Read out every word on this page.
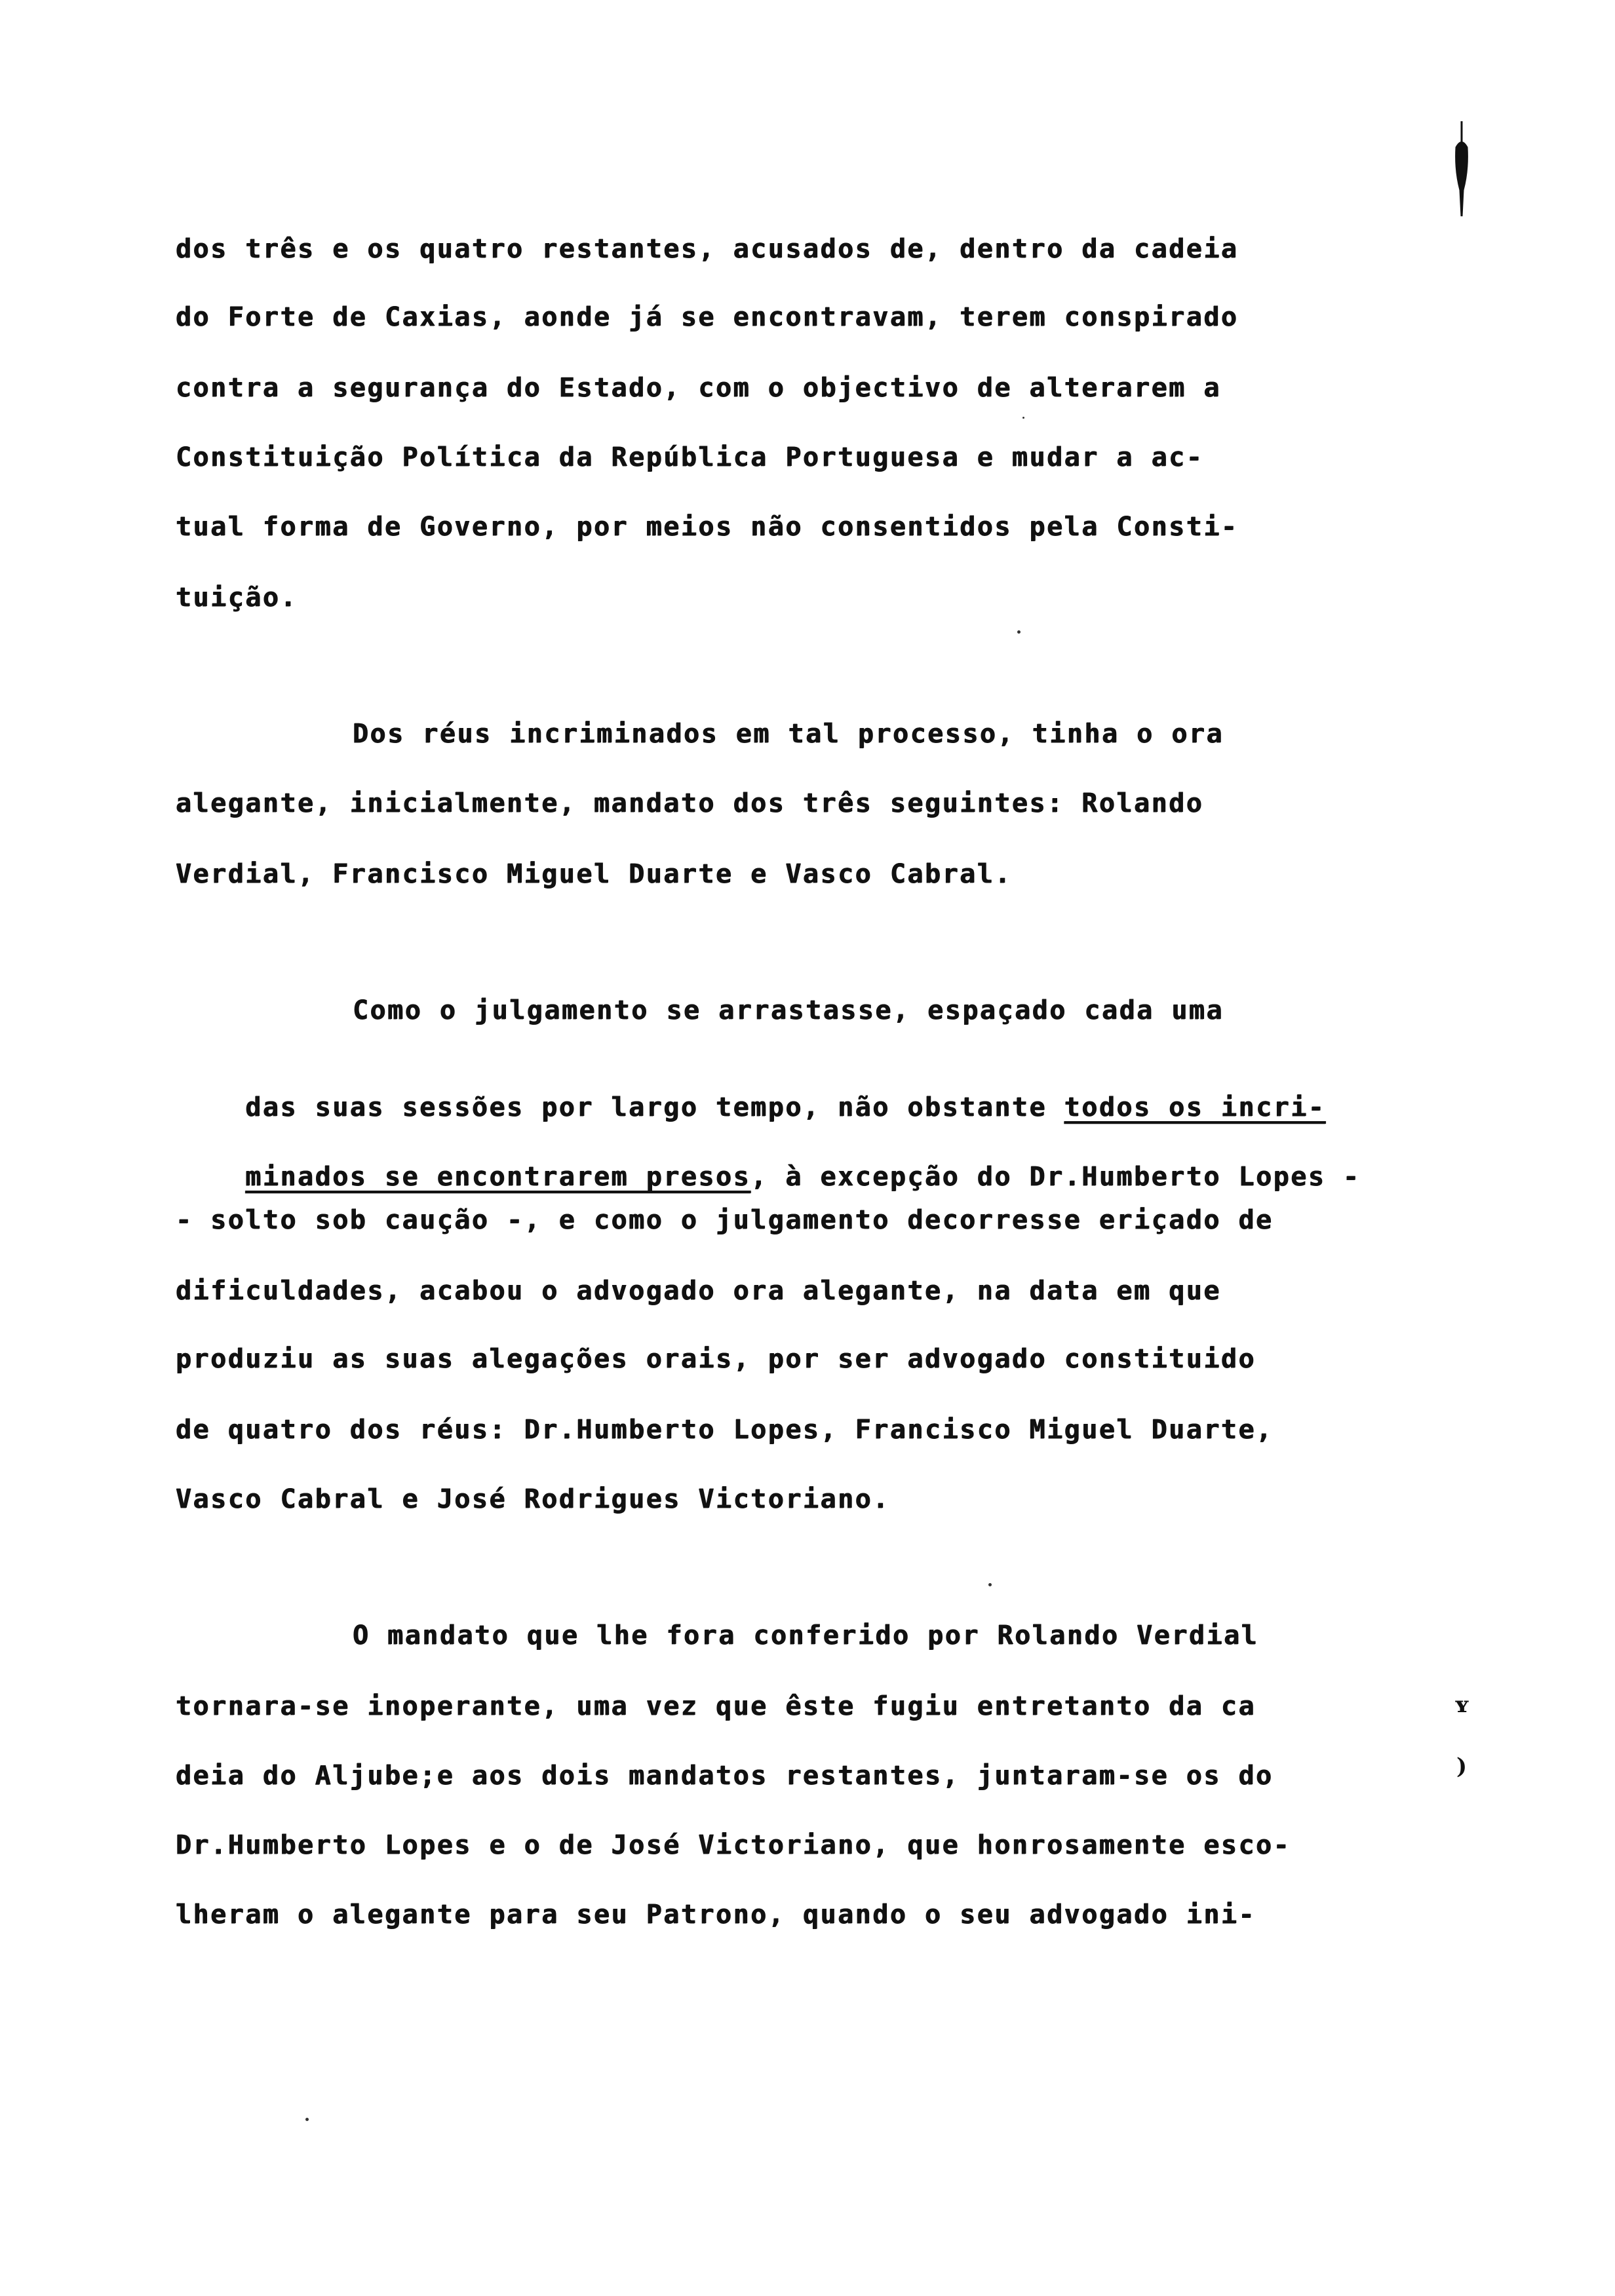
dos três e os quatro restantes, acusados de, dentro da cadeia
do Forte de Caxias, aonde já se encontravam, terem conspirado
contra a segurança do Estado, com o objectivo de alterarem a
Constituição Política da República Portuguesa e mudar a ac-
tual forma de Governo, por meios não consentidos pela Consti-
tuição.
Dos réus incriminados em tal processo, tinha o ora
alegante, inicialmente, mandato dos três seguintes: Rolando
Verdial, Francisco Miguel Duarte e Vasco Cabral.
Como o julgamento se arrastasse, espaçado cada uma

das suas sessões por largo tempo, não obstante todos os incri-

minados se encontrarem presos, à excepção do Dr.Humberto Lopes -

- solto sob caução -, e como o julgamento decorresse eriçado de
dificuldades, acabou o advogado ora alegante, na data em que
produziu as suas alegações orais, por ser advogado constituido
de quatro dos réus: Dr.Humberto Lopes, Francisco Miguel Duarte,
Vasco Cabral e José Rodrigues Victoriano.
O mandato que lhe fora conferido por Rolando Verdial
tornara-se inoperante, uma vez que êste fugiu entretanto da ca
deia do Aljube;e aos dois mandatos restantes, juntaram-se os do
Dr.Humberto Lopes e o de José Victoriano, que honrosamente esco-
lheram o alegante para seu Patrono, quando o seu advogado ini-
ʏ
)
